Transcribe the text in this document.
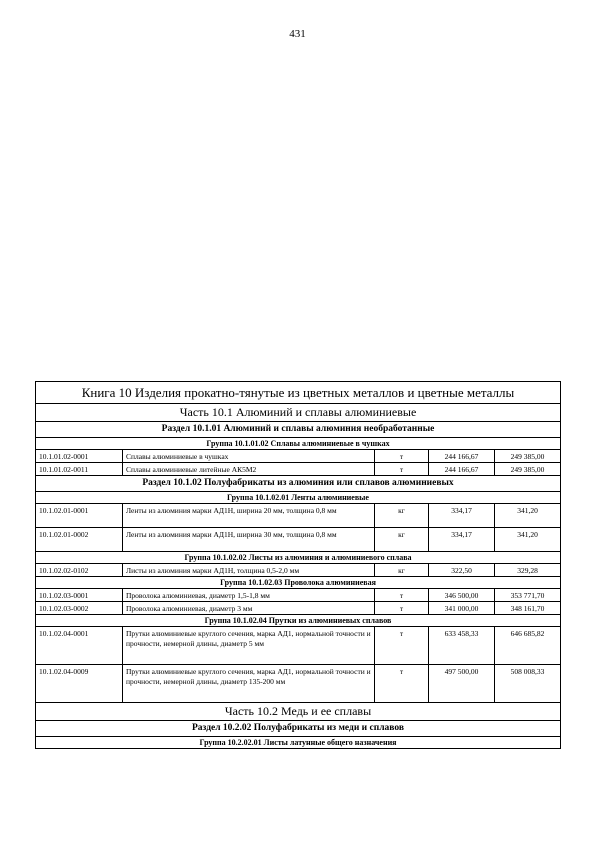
431
Книга 10 Изделия прокатно-тянутые из цветных металлов и цветные металлы				
Часть 10.1 Алюминий и сплавы алюминиевые				
Раздел 10.1.01 Алюминий и сплавы алюминия необработанные				
Группа 10.1.01.02 Сплавы алюминиевые в чушках				
10.1.01.02-0001	Сплавы алюминиевые в чушках	т	244 166,67	249 385,00
10.1.01.02-0011	Сплавы алюминиевые литейные АК5М2	т	244 166,67	249 385,00
Раздел 10.1.02 Полуфабрикаты из алюминия или сплавов алюминиевых				
Группа 10.1.02.01 Ленты алюминиевые				
10.1.02.01-0001	Ленты из алюминия марки АД1Н, ширина 20 мм, толщина 0,8 мм	кг	334,17	341,20
10.1.02.01-0002	Ленты из алюминия марки АД1Н, ширина 30 мм, толщина 0,8 мм	кг	334,17	341,20
Группа 10.1.02.02 Листы из алюминия и алюминиевого сплава				
10.1.02.02-0102	Листы из алюминия марки АД1Н, толщина 0,5-2,0 мм	кг	322,50	329,28
Группа 10.1.02.03 Проволока алюминиевая				
10.1.02.03-0001	Проволока алюминиевая, диаметр 1,5-1,8 мм	т	346 500,00	353 771,70
10.1.02.03-0002	Проволока алюминиевая, диаметр 3 мм	т	341 000,00	348 161,70
Группа 10.1.02.04 Прутки из алюминиевых сплавов				
10.1.02.04-0001	Прутки алюминиевые круглого сечения, марка АД1, нормальной точности и прочности, немерной длины, диаметр 5 мм	т	633 458,33	646 685,82
10.1.02.04-0009	Прутки алюминиевые круглого сечения, марка АД1, нормальной точности и прочности, немерной длины, диаметр 135-200 мм	т	497 500,00	508 008,33
Часть 10.2 Медь и ее сплавы				
Раздел 10.2.02 Полуфабрикаты из меди и сплавов				
Группа 10.2.02.01 Листы латунные общего назначения				
